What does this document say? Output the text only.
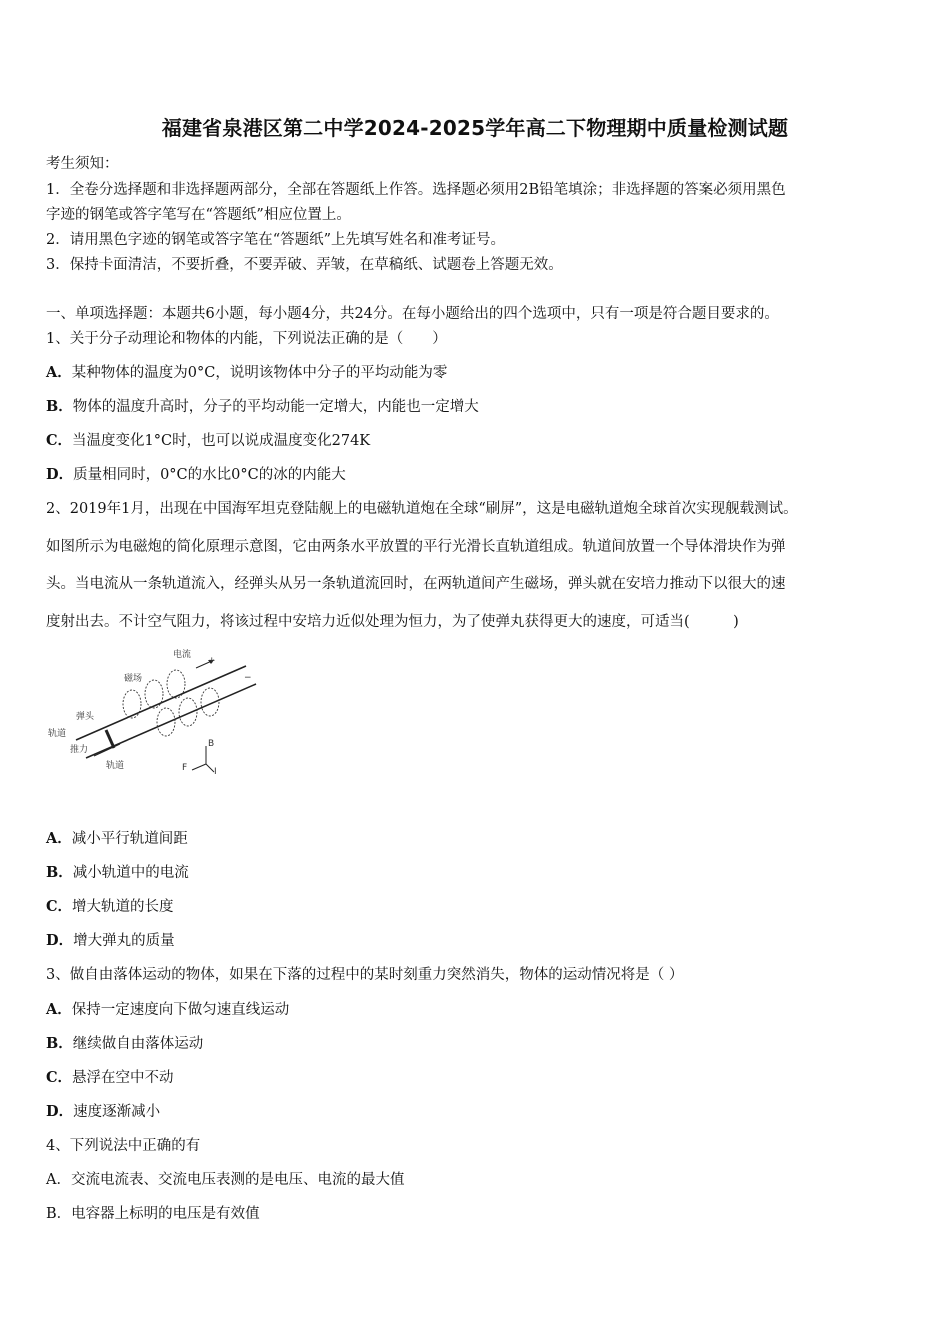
福建省泉港区第二中学2024-2025学年高二下物理期中质量检测试题
考生须知：
1．全卷分选择题和非选择题两部分，全部在答题纸上作答。选择题必须用2B铅笔填涂；非选择题的答案必须用黑色
字迹的钢笔或答字笔写在“答题纸”相应位置上。
2．请用黑色字迹的钢笔或答字笔在“答题纸”上先填写姓名和准考证号。
3．保持卡面清洁，不要折叠，不要弄破、弄皱，在草稿纸、试题卷上答题无效。
一、单项选择题：本题共6小题，每小题4分，共24分。在每小题给出的四个选项中，只有一项是符合题目要求的。
1、关于分子动理论和物体的内能，下列说法正确的是（　　）
A．某种物体的温度为0°C，说明该物体中分子的平均动能为零
B．物体的温度升高时，分子的平均动能一定增大，内能也一定增大
C．当温度变化1°C时，也可以说成温度变化274K
D．质量相同时，0°C的水比0°C的冰的内能大
2、2019年1月，出现在中国海军坦克登陆舰上的电磁轨道炮在全球“刷屏”，这是电磁轨道炮全球首次实现舰载测试。
如图所示为电磁炮的简化原理示意图，它由两条水平放置的平行光滑长直轨道组成。轨道间放置一个导体滑块作为弹
头。当电流从一条轨道流入，经弹头从另一条轨道流回时，在两轨道间产生磁场，弹头就在安培力推动下以很大的速
度射出去。不计空气阻力，将该过程中安培力近似处理为恒力，为了使弹丸获得更大的速度，可适当(　　　)
电流
+
−
磁场
弹头
轨道
推力
轨道
B
F	I
A．减小平行轨道间距
B．减小轨道中的电流
C．增大轨道的长度
D．增大弹丸的质量
3、做自由落体运动的物体，如果在下落的过程中的某时刻重力突然消失，物体的运动情况将是（ ）
A．保持一定速度向下做匀速直线运动
B．继续做自由落体运动
C．悬浮在空中不动
D．速度逐渐减小
4、下列说法中正确的有
A．交流电流表、交流电压表测的是电压、电流的最大值
B．电容器上标明的电压是有效值
